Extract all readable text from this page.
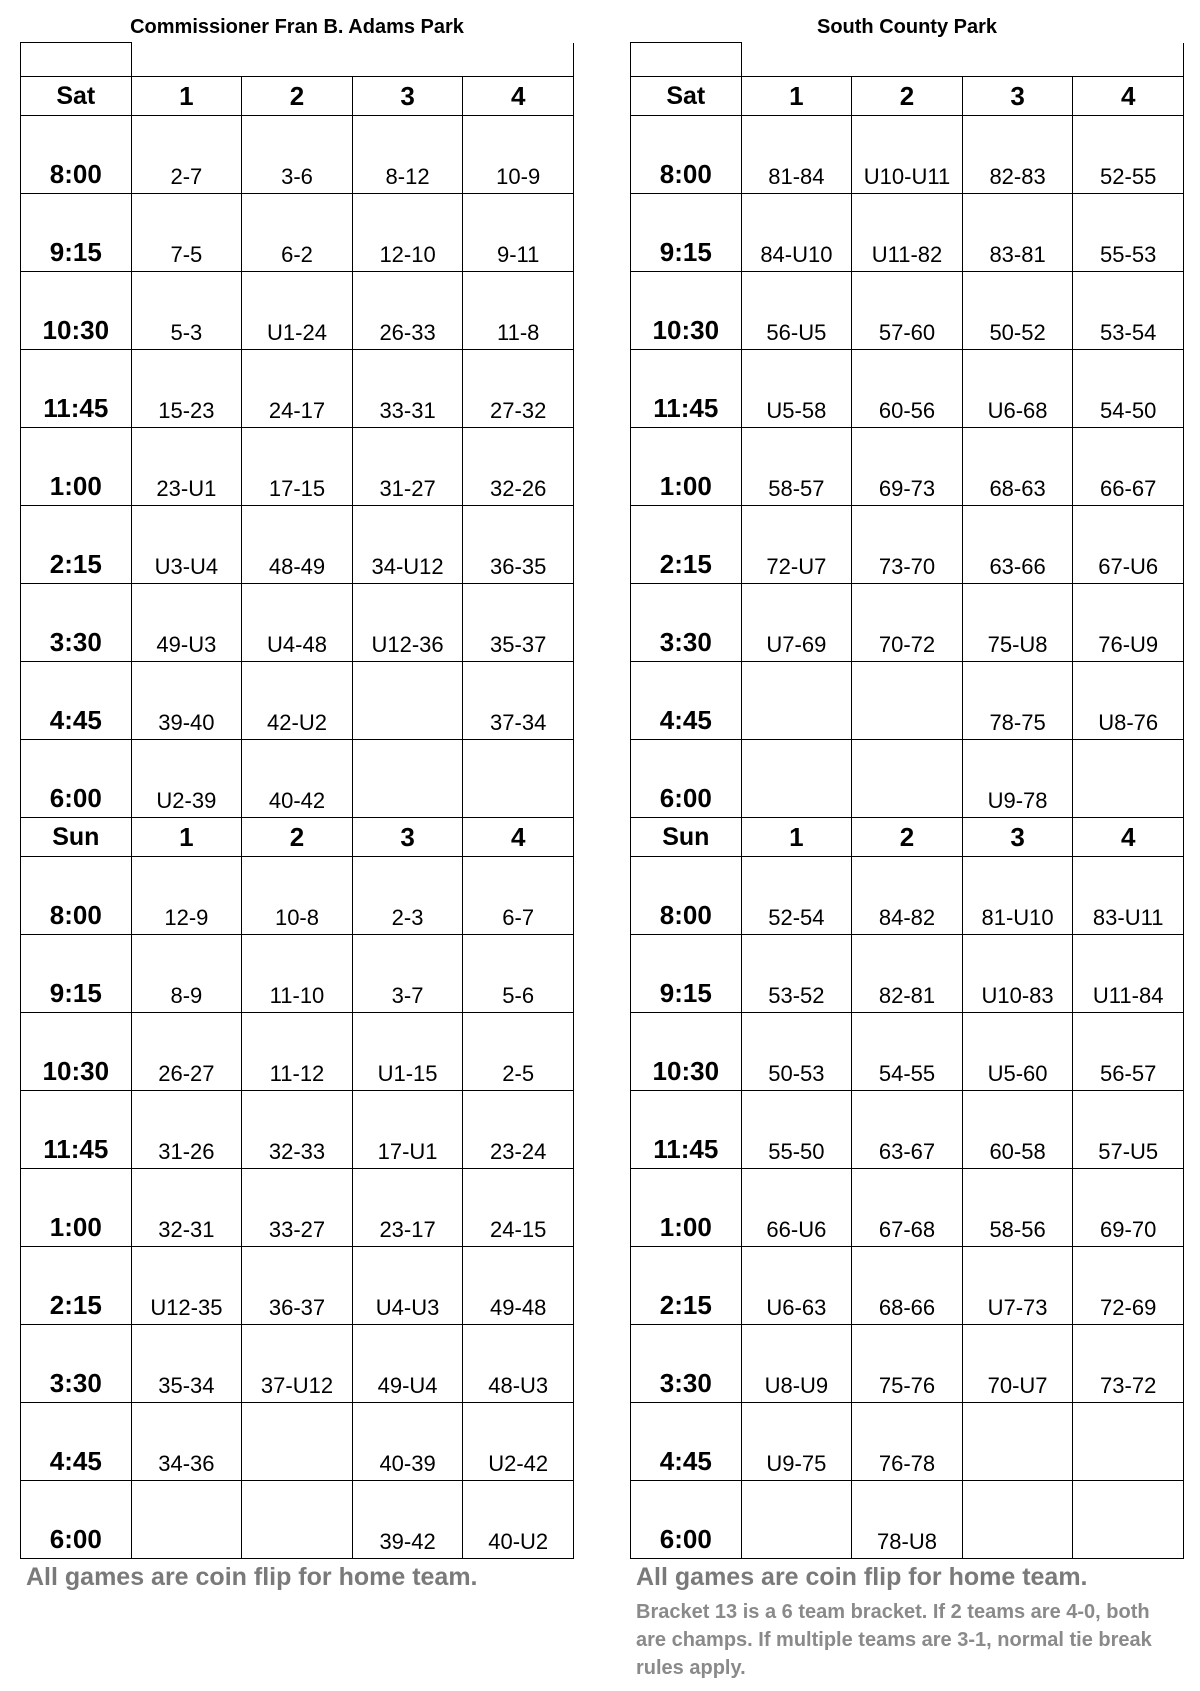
Commissioner Fran B. Adams Park

Sat	1	2	3	4
8:00	2-7	3-6	8-12	10-9
9:15	7-5	6-2	12-10	9-11
10:30	5-3	U1-24	26-33	11-8
11:45	15-23	24-17	33-31	27-32
1:00	23-U1	17-15	31-27	32-26
2:15	U3-U4	48-49	34-U12	36-35
3:30	49-U3	U4-48	U12-36	35-37
4:45	39-40	42-U2		37-34
6:00	U2-39	40-42		
Sun	1	2	3	4
8:00	12-9	10-8	2-3	6-7
9:15	8-9	11-10	3-7	5-6
10:30	26-27	11-12	U1-15	2-5
11:45	31-26	32-33	17-U1	23-24
1:00	32-31	33-27	23-17	24-15
2:15	U12-35	36-37	U4-U3	49-48
3:30	35-34	37-U12	49-U4	48-U3
4:45	34-36		40-39	U2-42
6:00			39-42	40-U2
All games are coin flip for home team.
South County Park

Sat	1	2	3	4
8:00	81-84	U10-U11	82-83	52-55
9:15	84-U10	U11-82	83-81	55-53
10:30	56-U5	57-60	50-52	53-54
11:45	U5-58	60-56	U6-68	54-50
1:00	58-57	69-73	68-63	66-67
2:15	72-U7	73-70	63-66	67-U6
3:30	U7-69	70-72	75-U8	76-U9
4:45			78-75	U8-76
6:00			U9-78	
Sun	1	2	3	4
8:00	52-54	84-82	81-U10	83-U11
9:15	53-52	82-81	U10-83	U11-84
10:30	50-53	54-55	U5-60	56-57
11:45	55-50	63-67	60-58	57-U5
1:00	66-U6	67-68	58-56	69-70
2:15	U6-63	68-66	U7-73	72-69
3:30	U8-U9	75-76	70-U7	73-72
4:45	U9-75	76-78		
6:00		78-U8		
All games are coin flip for home team.
Bracket 13 is a 6 team bracket. If 2 teams are 4-0, both are champs. If multiple teams are 3-1, normal tie break rules apply.
